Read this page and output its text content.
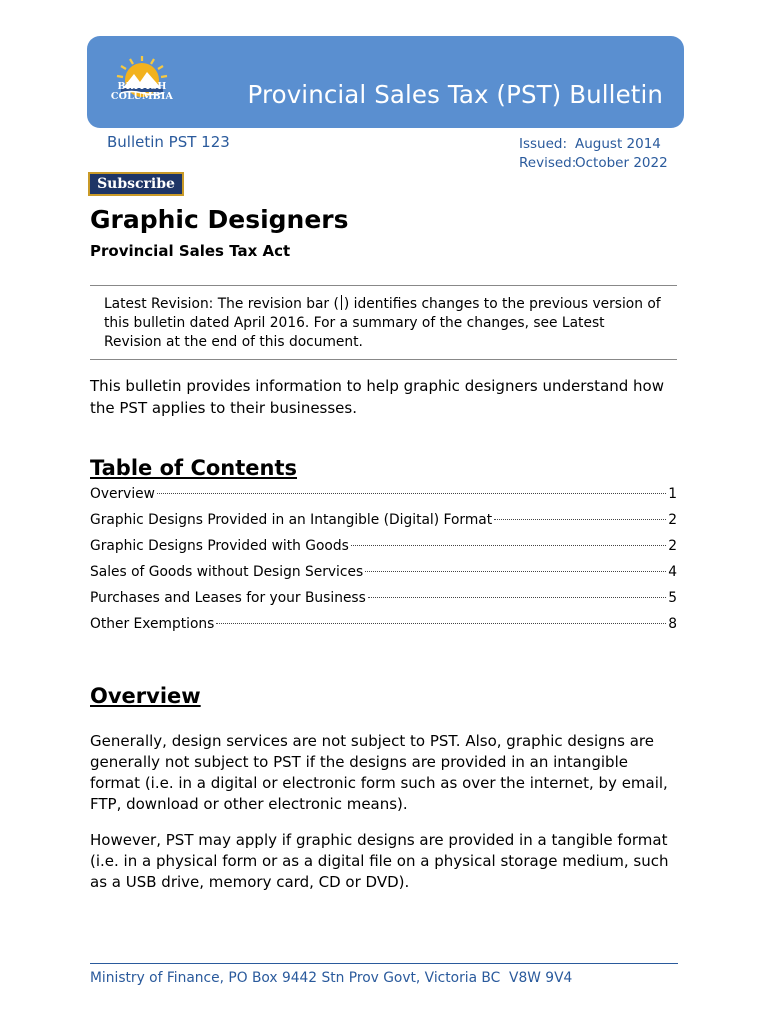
BRITISH
COLUMBIA	Provincial Sales Tax (PST) Bulletin
Bulletin PST 123	Issued: August 2014
Revised:
October 2022
Subscribe
Graphic Designers
Provincial Sales Tax Act
Latest Revision: The revision bar ( ) identifies changes to the previous version of this bulletin dated April 2016. For a summary of the changes, see Latest Revision at the end of this document.

This bulletin provides information to help graphic designers understand how the PST applies to their businesses.

Table of Contents
Overview	1
Graphic Designs Provided in an Intangible (Digital) Format	2
Graphic Designs Provided with Goods	2
Sales of Goods without Design Services	4
Purchases and Leases for your Business	5
Other Exemptions	8
Overview

Generally, design services are not subject to PST. Also, graphic designs are generally not subject to PST if the designs are provided in an intangible format (i.e. in a digital or electronic form such as over the internet, by email, FTP, download or other electronic means).

However, PST may apply if graphic designs are provided in a tangible format (i.e. in a physical form or as a digital file on a physical storage medium, such as a USB drive, memory card, CD or DVD).

Ministry of Finance, PO Box 9442 Stn Prov Govt, Victoria BC  V8W 9V4
